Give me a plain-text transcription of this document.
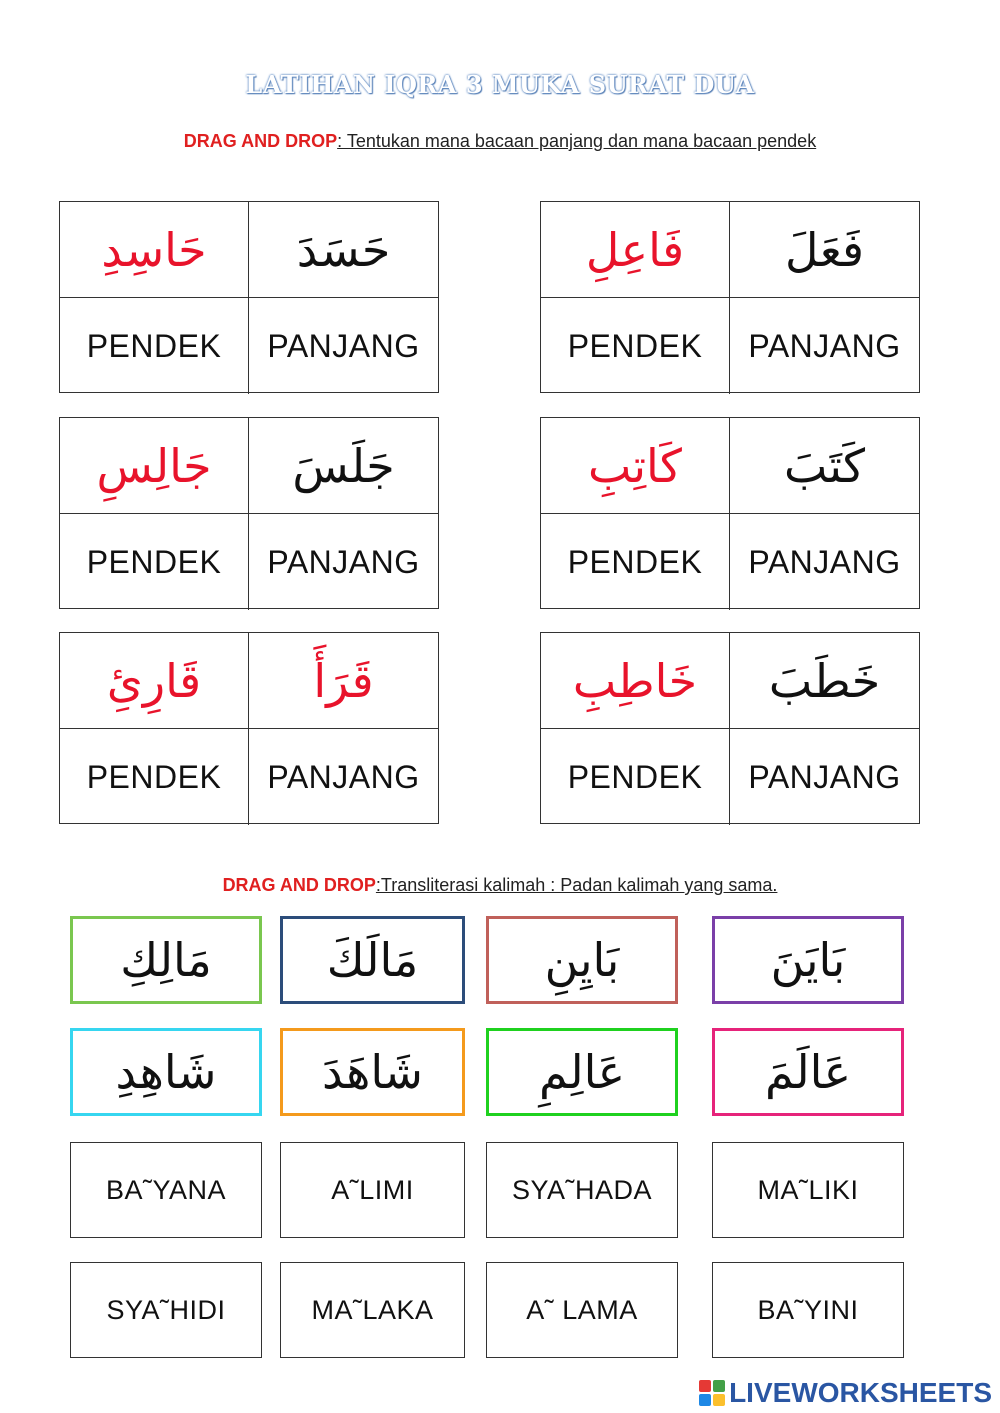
LATIHAN IQRA 3 MUKA SURAT DUA
DRAG AND DROP: Tentukan mana bacaan panjang dan mana bacaan pendek
حَاسِدِ حَسَدَ
PENDEK PANJANG
فَاعِلِ فَعَلَ
PENDEK PANJANG
جَالِسِ جَلَسَ
PENDEK PANJANG
كَاتِبِ كَتَبَ
PENDEK PANJANG
قَارِئِ قَرَأَ
PENDEK PANJANG
خَاطِبِ خَطَبَ
PENDEK PANJANG
DRAG AND DROP:Transliterasi kalimah : Padan kalimah yang sama.
مَالِكِ	مَالَكَ	بَايِنِ	بَايَنَ
شَاهِدِ شَاهَدَ	عَالِمِ	عَالَمَ
BA˜YANA	A˜LIMI	SYA˜HADA	MA˜LIKI
SYA˜HIDI	MA˜LAKA	A˜ LAMA	BA˜YINI
LIVEWORKSHEETS
